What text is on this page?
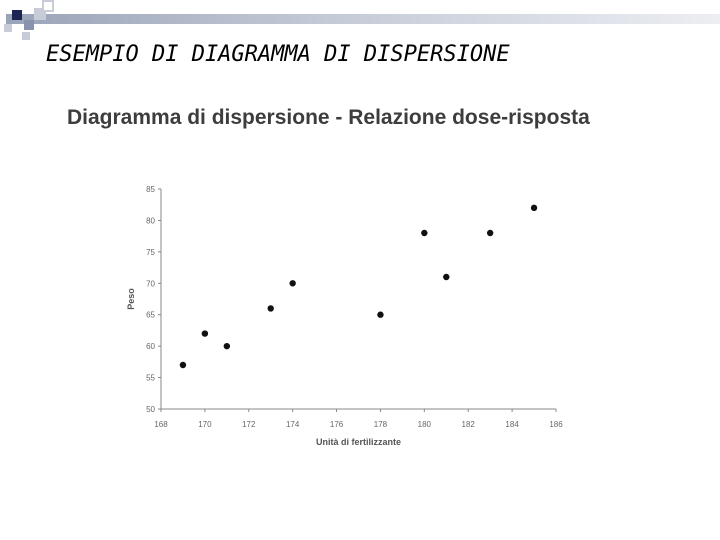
ESEMPIO DI DIAGRAMMA DI DISPERSIONE

Diagramma di dispersione - Relazione dose-risposta

168	170	172	174	176	178	180	182	184	186
50
55
60
65
70
75
80
85
Unità di fertilizzante
Peso
